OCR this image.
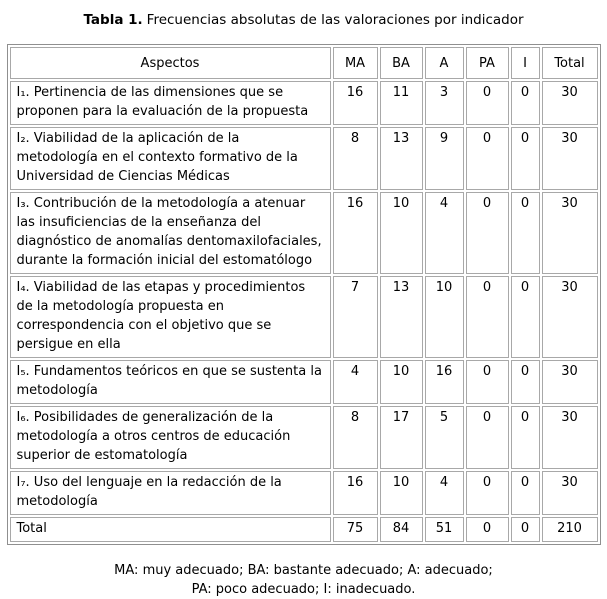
Tabla 1. Frecuencias absolutas de las valoraciones por indicador

Aspectos	MA	BA	A	PA	I	Total
I₁. Pertinencia de las dimensiones que se proponen para la evaluación de la propuesta	16	11	3	0	0	30
I₂. Viabilidad de la aplicación de la metodología en el contexto formativo de la Universidad de Ciencias Médicas	8	13	9	0	0	30
I₃. Contribución de la metodología a atenuar las insuficiencias de la enseñanza del diagnóstico de anomalías dentomaxilofaciales, durante la formación inicial del estomatólogo	16	10	4	0	0	30
I₄. Viabilidad de las etapas y procedimientos de la metodología propuesta en correspondencia con el objetivo que se persigue en ella	7	13	10	0	0	30
I₅. Fundamentos teóricos en que se sustenta la metodología	4	10	16	0	0	30
I₆. Posibilidades de generalización de la metodología a otros centros de educación superior de estomatología	8	17	5	0	0	30
I₇. Uso del lenguaje en la redacción de la metodología	16	10	4	0	0	30
Total	75	84	51	0	0	210
MA: muy adecuado; BA: bastante adecuado; A: adecuado;
PA: poco adecuado; I: inadecuado.
